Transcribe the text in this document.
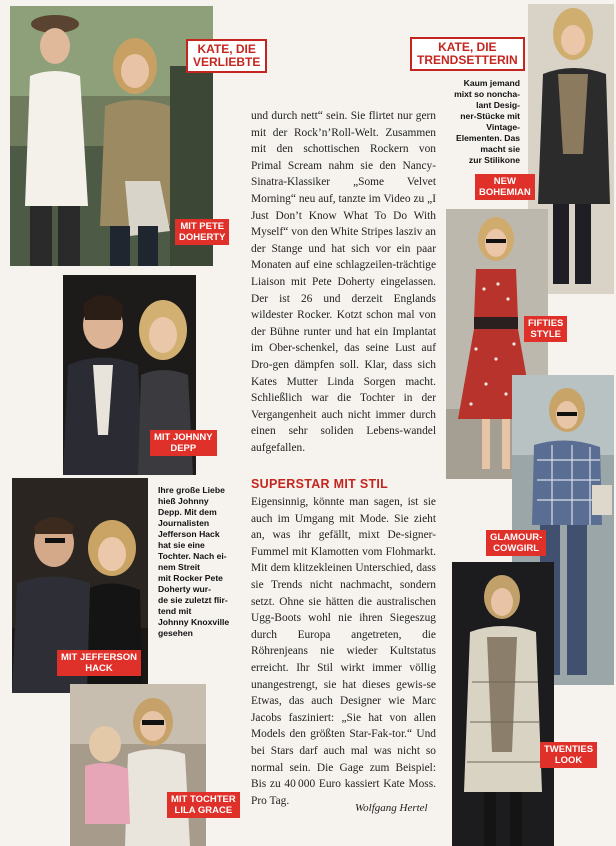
MIT PETE
DOHERTY
KATE, DIE
VERLIEBTE
MIT JOHNNY
DEPP
MIT JEFFERSON
HACK
Ihre große Liebe
hieß Johnny
Depp. Mit dem
Journalisten
Jefferson Hack
hat sie eine
Tochter. Nach ei-
nem Streit
mit Rocker Pete
Doherty wur-
de sie zuletzt flir-
tend mit
Johnny Knoxville
gesehen
MIT TOCHTER
LILA GRACE

und durch nett“ sein. Sie flirtet nur gern mit der Rock’n’Roll-Welt. Zusammen mit den schottischen Rockern von Primal Scream nahm sie den Nancy-Sinatra-Klassiker „Some Velvet Morning“ neu auf, tanzte im Video zu „I Just Don’t Know What To Do With Myself“ von den White Stripes lasziv an der Stange und hat sich vor ein paar Monaten auf eine schlagzeilen-trächtige Liaison mit Pete Doherty eingelassen. Der ist 26 und derzeit Englands wildester Rocker. Kotzt schon mal von der Bühne runter und hat ein Implantat im Ober-schenkel, das seine Lust auf Dro-gen dämpfen soll. Klar, dass sich Kates Mutter Linda Sorgen macht. Schließlich war die Tochter in der Vergangenheit auch nicht immer durch einen sehr soliden Lebens-wandel aufgefallen.

SUPERSTAR MIT STIL

Eigensinnig, könnte man sagen, ist sie auch im Umgang mit Mode. Sie zieht an, was ihr gefällt, mixt De-signer-Fummel mit Klamotten vom Flohmarkt. Mit dem klitzekleinen Unterschied, dass sie Trends nicht nachmacht, sondern setzt. Ohne sie hätten die australischen Ugg-Boots wohl nie ihren Siegeszug durch Europa angetreten, die Röhrenjeans nie wieder Kultstatus erreicht. Ihr Stil wirkt immer völlig unangestrengt, sie hat dieses gewis-se Etwas, das auch Designer wie Marc Jacobs fasziniert: „Sie hat von allen Models den größten Star-Fak-tor.“ Und bei Stars darf auch mal was nicht so normal sein. Die Gage zum Beispiel: Bis zu 40 000 Euro kassiert Kate Moss. Pro Tag.

Wolfgang Hertel
KATE, DIE
TRENDSETTERIN
Kaum jemand
mixt so noncha-
lant Desig-
ner-Stücke mit
Vintage-
Elementen. Das
macht sie
zur Stilikone
NEW
BOHEMIAN
FIFTIES
STYLE
GLAMOUR-
COWGIRL
TWENTIES
LOOK
